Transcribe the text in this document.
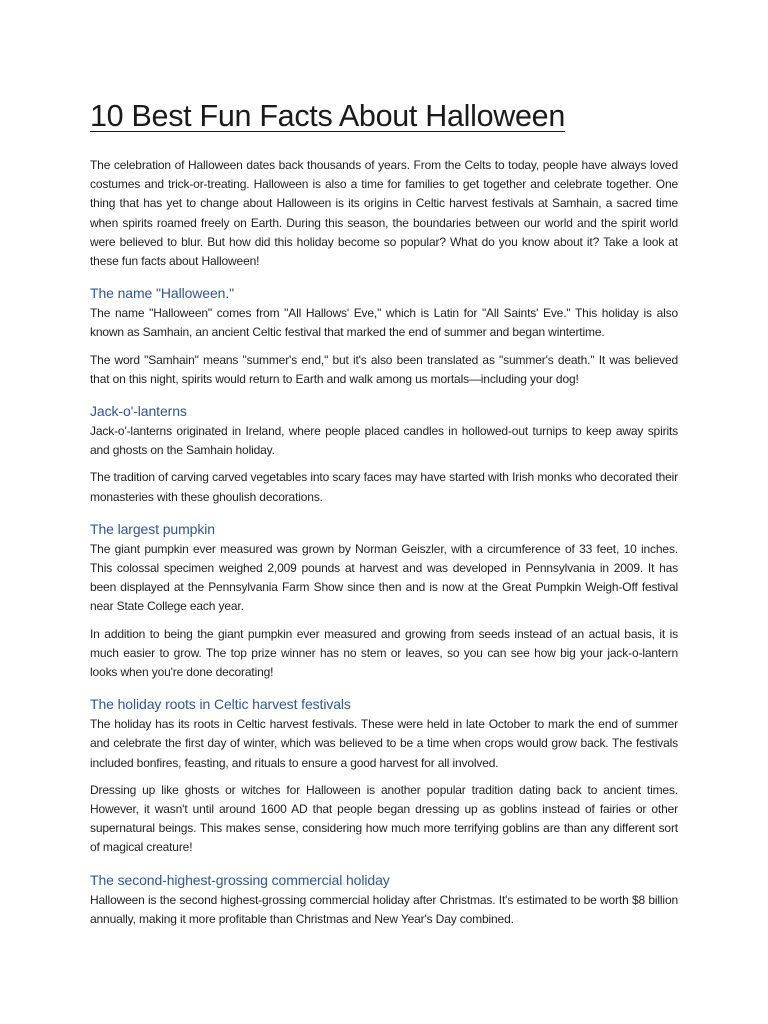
10 Best Fun Facts About Halloween

The celebration of Halloween dates back thousands of years. From the Celts to today, people have always loved costumes and trick-or-treating. Halloween is also a time for families to get together and celebrate together. One thing that has yet to change about Halloween is its origins in Celtic harvest festivals at Samhain, a sacred time when spirits roamed freely on Earth. During this season, the boundaries between our world and the spirit world were believed to blur. But how did this holiday become so popular? What do you know about it? Take a look at these fun facts about Halloween!

The name "Halloween."

The name "Halloween" comes from "All Hallows' Eve," which is Latin for "All Saints' Eve." This holiday is also known as Samhain, an ancient Celtic festival that marked the end of summer and began wintertime.

The word "Samhain" means "summer's end," but it's also been translated as "summer's death." It was believed that on this night, spirits would return to Earth and walk among us mortals—including your dog!

Jack-o'-lanterns

Jack-o'-lanterns originated in Ireland, where people placed candles in hollowed-out turnips to keep away spirits and ghosts on the Samhain holiday.

The tradition of carving carved vegetables into scary faces may have started with Irish monks who decorated their monasteries with these ghoulish decorations.

The largest pumpkin

The giant pumpkin ever measured was grown by Norman Geiszler, with a circumference of 33 feet, 10 inches. This colossal specimen weighed 2,009 pounds at harvest and was developed in Pennsylvania in 2009. It has been displayed at the Pennsylvania Farm Show since then and is now at the Great Pumpkin Weigh-Off festival near State College each year.

In addition to being the giant pumpkin ever measured and growing from seeds instead of an actual basis, it is much easier to grow. The top prize winner has no stem or leaves, so you can see how big your jack-o-lantern looks when you're done decorating!

The holiday roots in Celtic harvest festivals

The holiday has its roots in Celtic harvest festivals. These were held in late October to mark the end of summer and celebrate the first day of winter, which was believed to be a time when crops would grow back. The festivals included bonfires, feasting, and rituals to ensure a good harvest for all involved.

Dressing up like ghosts or witches for Halloween is another popular tradition dating back to ancient times. However, it wasn't until around 1600 AD that people began dressing up as goblins instead of fairies or other supernatural beings. This makes sense, considering how much more terrifying goblins are than any different sort of magical creature!

The second-highest-grossing commercial holiday

Halloween is the second highest-grossing commercial holiday after Christmas. It's estimated to be worth $8 billion annually, making it more profitable than Christmas and New Year's Day combined.
